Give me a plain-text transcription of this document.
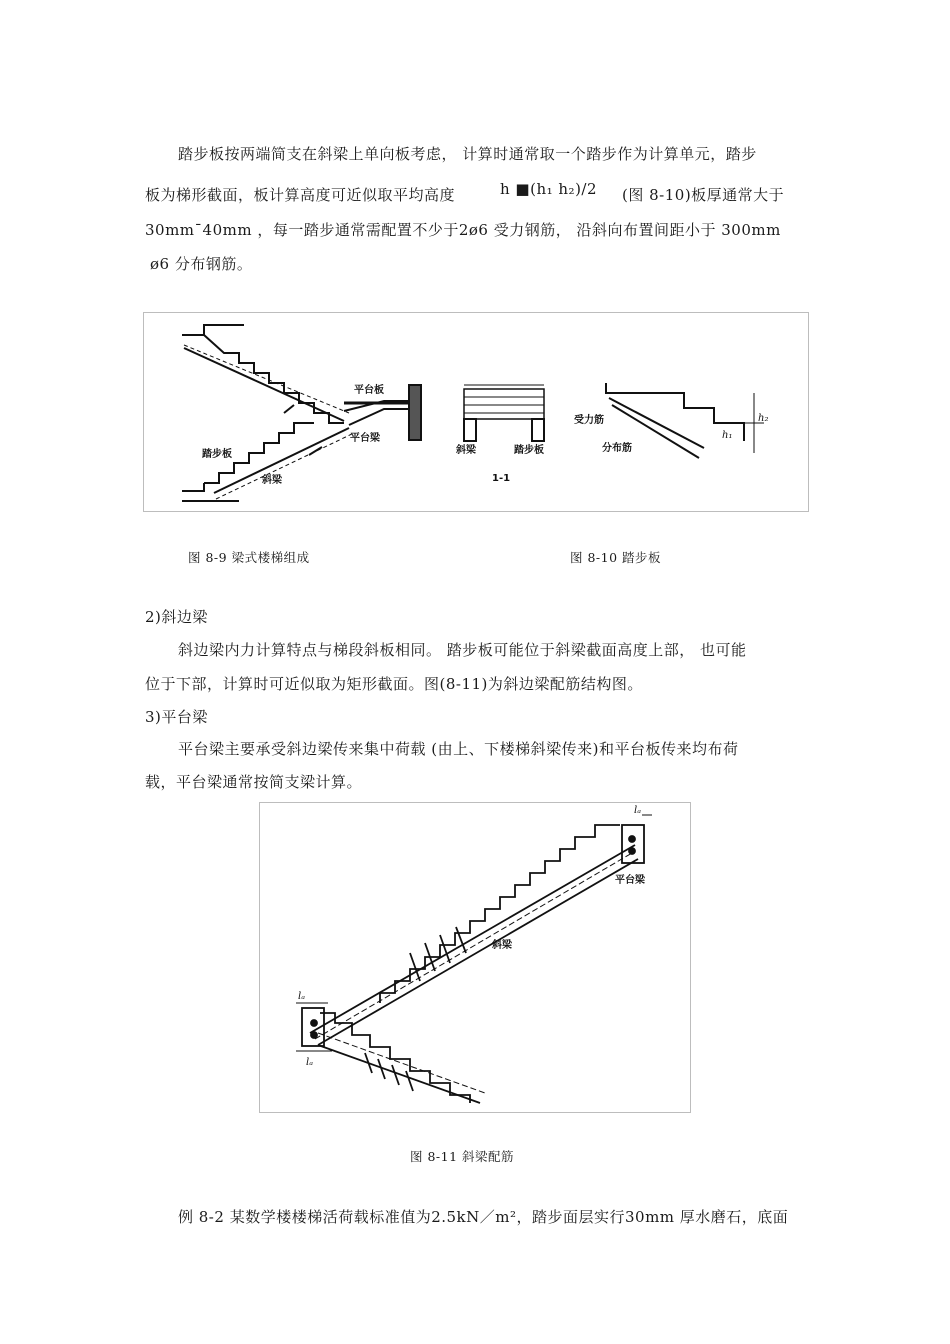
踏步板按两端简支在斜梁上单向板考虑， 计算时通常取一个踏步作为计算单元，踏步
板为梯形截面，板计算高度可近似取平均高度	h ■(h₁ h₂)/2 (图 8-10)板厚通常大于
30mm¯40mm ，每一踏步通常需配置不少于2ø6 受力钢筋， 沿斜向布置间距小于 300mm
ø6 分布钢筋。
平台板
平台梁
踏步板
斜梁
斜梁	踏步板
1-1
受力筋
分布筋
h₁
h₂
图 8-9 梁式楼梯组成	图 8-10 踏步板
2)斜边梁
斜边梁内力计算特点与梯段斜板相同。 踏步板可能位于斜梁截面高度上部， 也可能
位于下部，计算时可近似取为矩形截面。图(8-11)为斜边梁配筋结构图。
3)平台梁
平台梁主要承受斜边梁传来集中荷载 (由上、下楼梯斜梁传来)和平台板传来均布荷
载，平台梁通常按简支梁计算。
斜梁
平台梁
lₐ
lₐ
lₐ
图 8-11 斜梁配筋
例 8-2 某数学楼楼梯活荷载标准值为2.5kN／m²，踏步面层实行30mm 厚水磨石，底面
